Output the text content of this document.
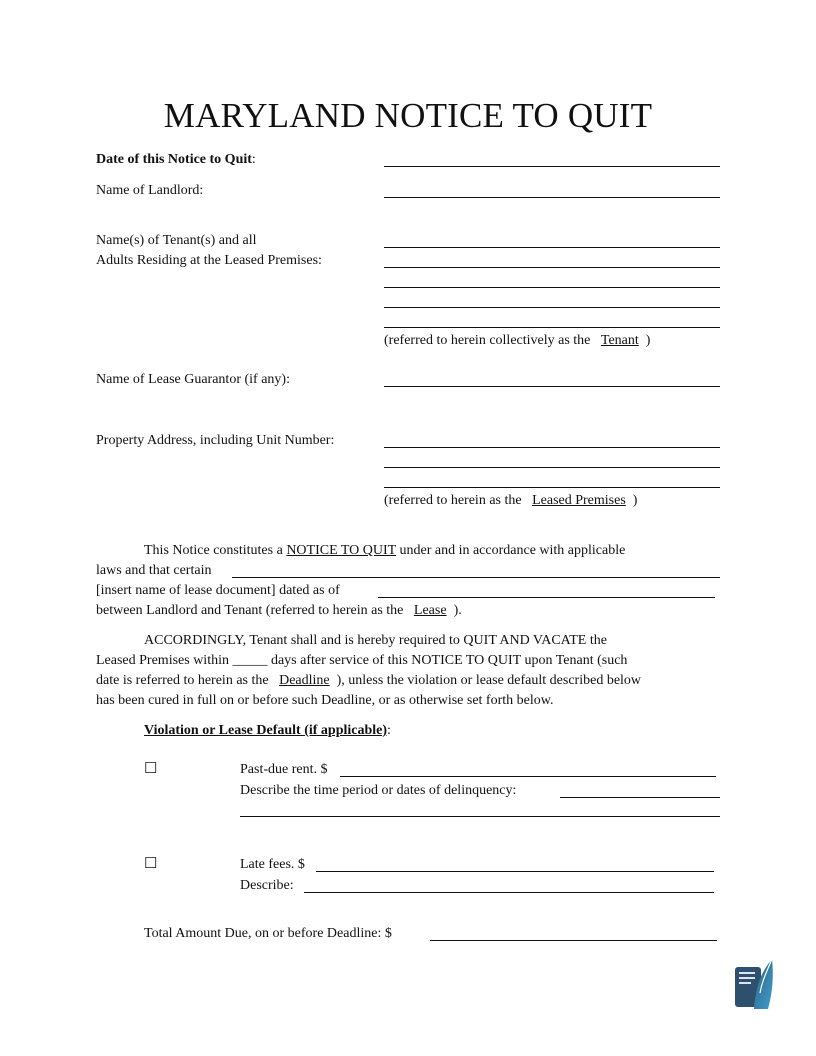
MARYLAND NOTICE TO QUIT
Date of this Notice to Quit:
Name of Landlord:
Name(s) of Tenant(s) and all
Adults Residing at the Leased Premises:
(referred to herein collectively as the Tenant )
Name of Lease Guarantor (if any):
Property Address, including Unit Number:
(referred to herein as the Leased Premises )
This Notice constitutes a NOTICE TO QUIT under and in accordance with applicable
laws and that certain
[insert name of lease document] dated as of
between Landlord and Tenant (referred to herein as the Lease ).
ACCORDINGLY, Tenant shall and is hereby required to QUIT AND VACATE the
Leased Premises within _____ days after service of this NOTICE TO QUIT upon Tenant (such
date is referred to herein as the Deadline ), unless the violation or lease default described below
has been cured in full on or before such Deadline, or as otherwise set forth below.
Violation or Lease Default (if applicable):
☐	Past-due rent. $
Describe the time period or dates of delinquency:
☐	Late fees. $
Describe:
Total Amount Due, on or before Deadline: $
